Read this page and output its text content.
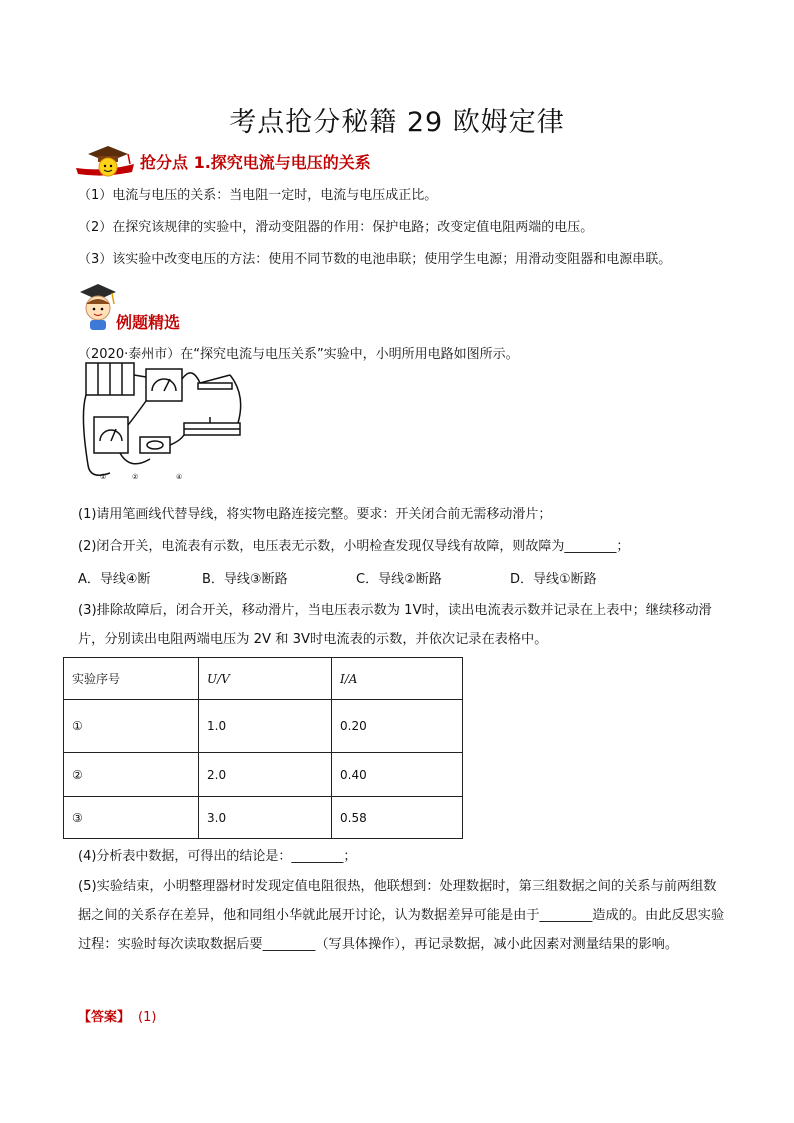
考点抢分秘籍 29 欧姆定律
抢分点 1.探究电流与电压的关系
（1）电流与电压的关系：当电阻一定时，电流与电压成正比。
（2）在探究该规律的实验中，滑动变阻器的作用：保护电路；改变定值电阻两端的电压。
（3）该实验中改变电压的方法：使用不同节数的电池串联；使用学生电源；用滑动变阻器和电源串联。
例题精选
（2020·泰州市）在“探究电流与电压关系”实验中，小明所用电路如图所示。
①	②	④
(1)请用笔画线代替导线，将实物电路连接完整。要求：开关闭合前无需移动滑片；
(2)闭合开关，电流表有示数，电压表无示数，小明检查发现仅导线有故障，则故障为________；
A．导线④断	B．导线③断路	C．导线②断路	D．导线①断路
(3)排除故障后，闭合开关，移动滑片，当电压表示数为 1V时，读出电流表示数并记录在上表中；继续移动滑片，分别读出电阻两端电压为 2V 和 3V时电流表的示数，并依次记录在表格中。
实验序号	U/V	I/A
①	1.0	0.20
②	2.0	0.40
③	3.0	0.58
(4)分析表中数据，可得出的结论是：________；
(5)实验结束，小明整理器材时发现定值电阻很热，他联想到：处理数据时，第三组数据之间的关系与前两组数据之间的关系存在差异，他和同组小华就此展开讨论，认为数据差异可能是由于________造成的。由此反思实验过程：实验时每次读取数据后要________（写具体操作），再记录数据，减小此因素对测量结果的影响。
【答案】 (1)
